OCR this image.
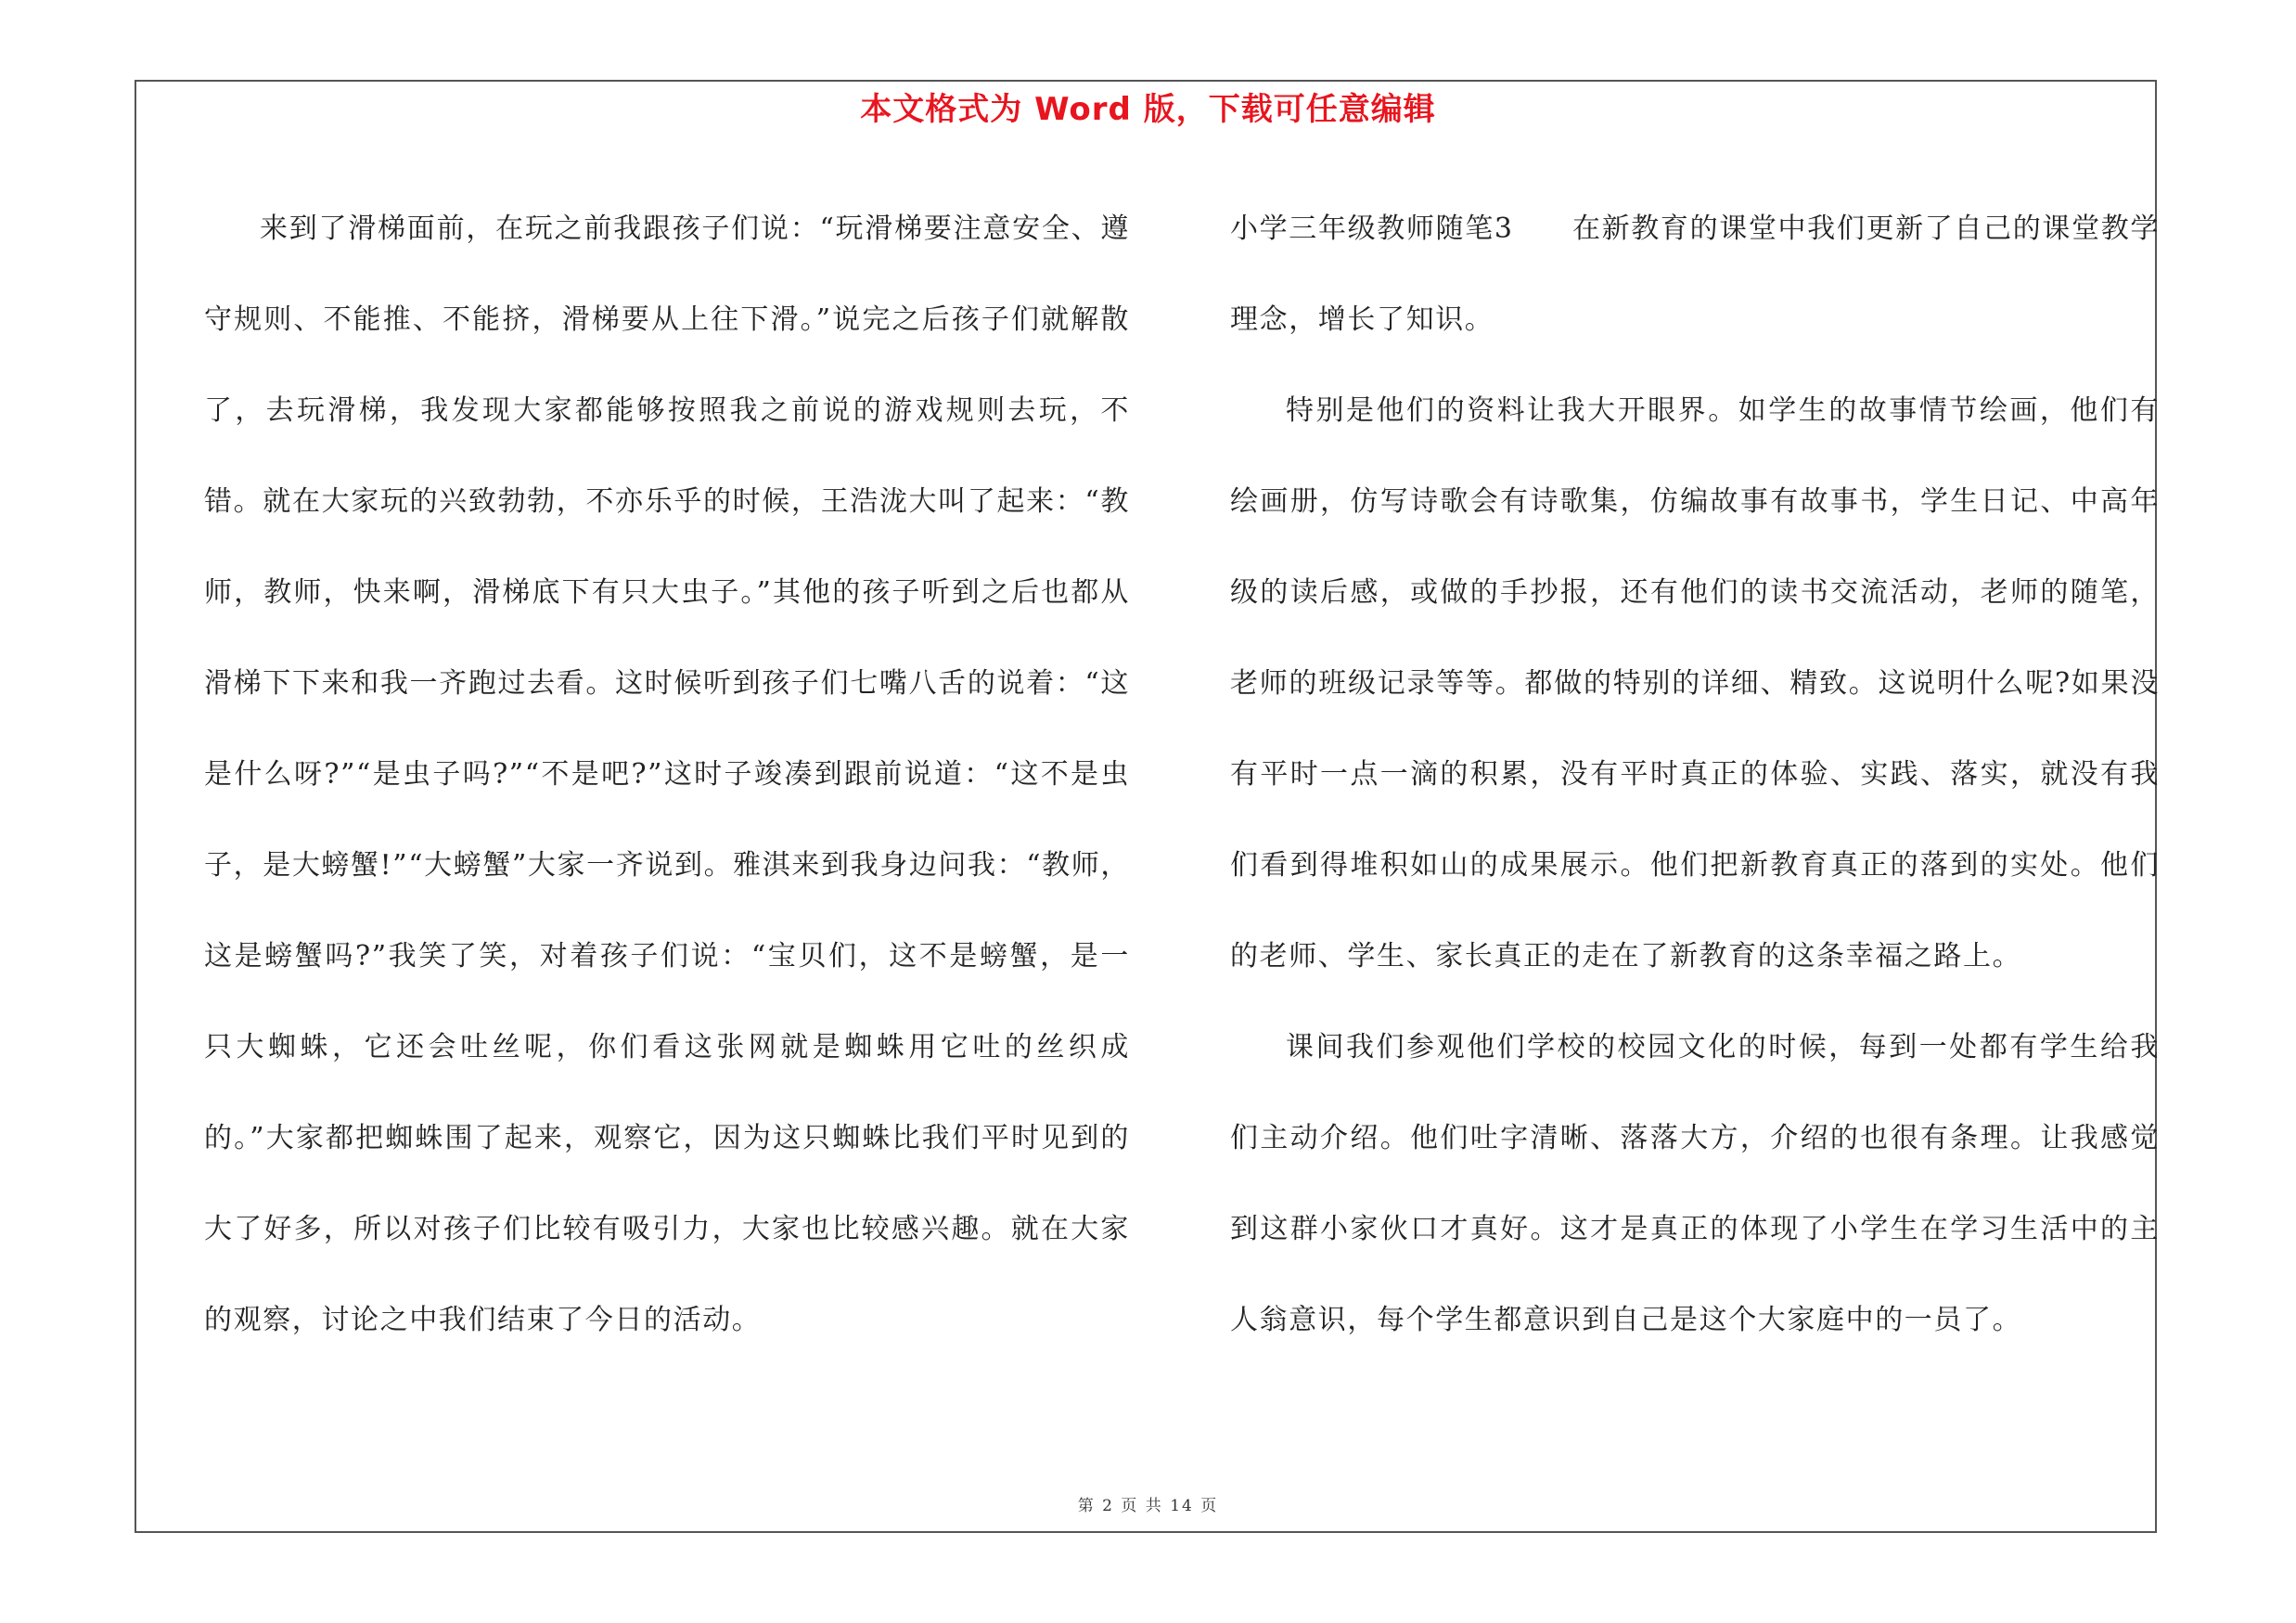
本文格式为 Word 版，下载可任意编辑

来到了滑梯面前，在玩之前我跟孩子们说：“玩滑梯要注意安全、遵守规则、不能推、不能挤，滑梯要从上往下滑。”说完之后孩子们就解散了，去玩滑梯，我发现大家都能够按照我之前说的游戏规则去玩，不错。就在大家玩的兴致勃勃，不亦乐乎的时候，王浩泷大叫了起来：“教师，教师，快来啊，滑梯底下有只大虫子。”其他的孩子听到之后也都从滑梯下下来和我一齐跑过去看。这时候听到孩子们七嘴八舌的说着：“这是什么呀?”“是虫子吗?”“不是吧?”这时子竣凑到跟前说道：“这不是虫子，是大螃蟹!”“大螃蟹”大家一齐说到。雅淇来到我身边问我：“教师，这是螃蟹吗?”我笑了笑，对着孩子们说：“宝贝们，这不是螃蟹，是一只大蜘蛛，它还会吐丝呢，你们看这张网就是蜘蛛用它吐的丝织成的。”大家都把蜘蛛围了起来，观察它，因为这只蜘蛛比我们平时见到的大了好多，所以对孩子们比较有吸引力，大家也比较感兴趣。就在大家的观察，讨论之中我们结束了今日的活动。

小学三年级教师随笔3　　在新教育的课堂中我们更新了自己的课堂教学理念，增长了知识。

特别是他们的资料让我大开眼界。如学生的故事情节绘画，他们有绘画册，仿写诗歌会有诗歌集，仿编故事有故事书，学生日记、中高年级的读后感，或做的手抄报，还有他们的读书交流活动，老师的随笔，老师的班级记录等等。都做的特别的详细、精致。这说明什么呢?如果没有平时一点一滴的积累，没有平时真正的体验、实践、落实，就没有我们看到得堆积如山的成果展示。他们把新教育真正的落到的实处。他们的老师、学生、家长真正的走在了新教育的这条幸福之路上。

课间我们参观他们学校的校园文化的时候，每到一处都有学生给我们主动介绍。他们吐字清晰、落落大方，介绍的也很有条理。让我感觉到这群小家伙口才真好。这才是真正的体现了小学生在学习生活中的主人翁意识，每个学生都意识到自己是这个大家庭中的一员了。

第 2 页 共 14 页
